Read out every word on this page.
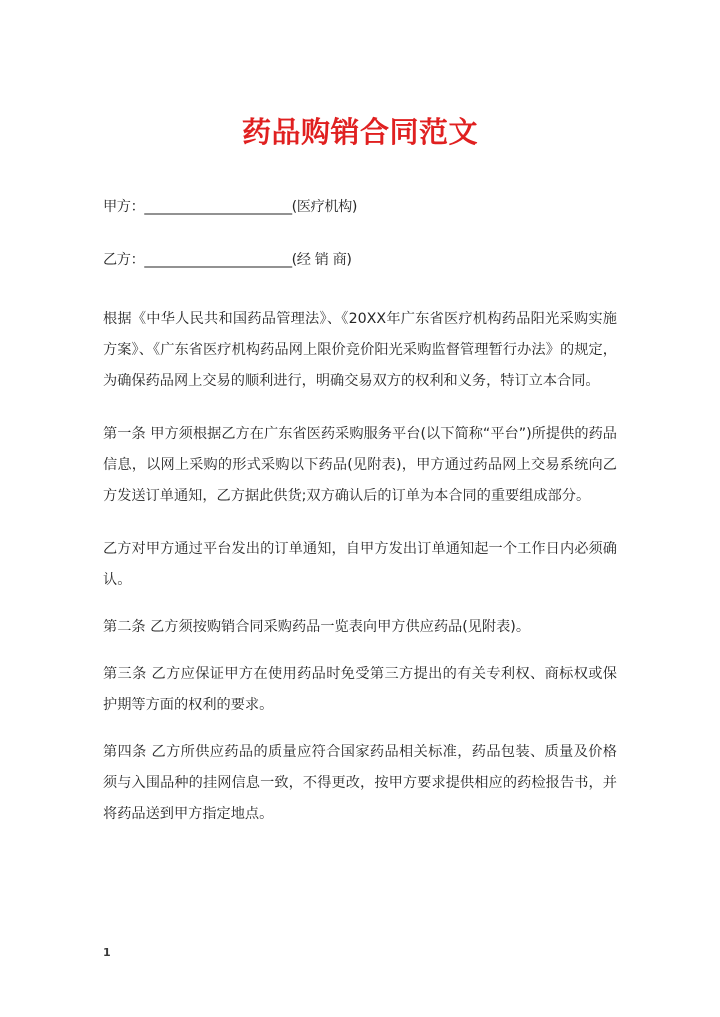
药品购销合同范文

甲方：______________________(医疗机构)

乙方：______________________(经 销 商)

根据《中华人民共和国药品管理法》、《20XX年广东省医疗机构药品阳光采购实施方案》、《广东省医疗机构药品网上限价竞价阳光采购监督管理暂行办法》的规定，为确保药品网上交易的顺利进行，明确交易双方的权利和义务，特订立本合同。

第一条 甲方须根据乙方在广东省医药采购服务平台(以下简称“平台”)所提供的药品信息，以网上采购的形式采购以下药品(见附表)，甲方通过药品网上交易系统向乙方发送订单通知，乙方据此供货;双方确认后的订单为本合同的重要组成部分。

乙方对甲方通过平台发出的订单通知，自甲方发出订单通知起一个工作日内必须确认。

第二条 乙方须按购销合同采购药品一览表向甲方供应药品(见附表)。

第三条 乙方应保证甲方在使用药品时免受第三方提出的有关专利权、商标权或保护期等方面的权利的要求。

第四条 乙方所供应药品的质量应符合国家药品相关标准，药品包装、质量及价格须与入围品种的挂网信息一致，不得更改，按甲方要求提供相应的药检报告书，并将药品送到甲方指定地点。

1
